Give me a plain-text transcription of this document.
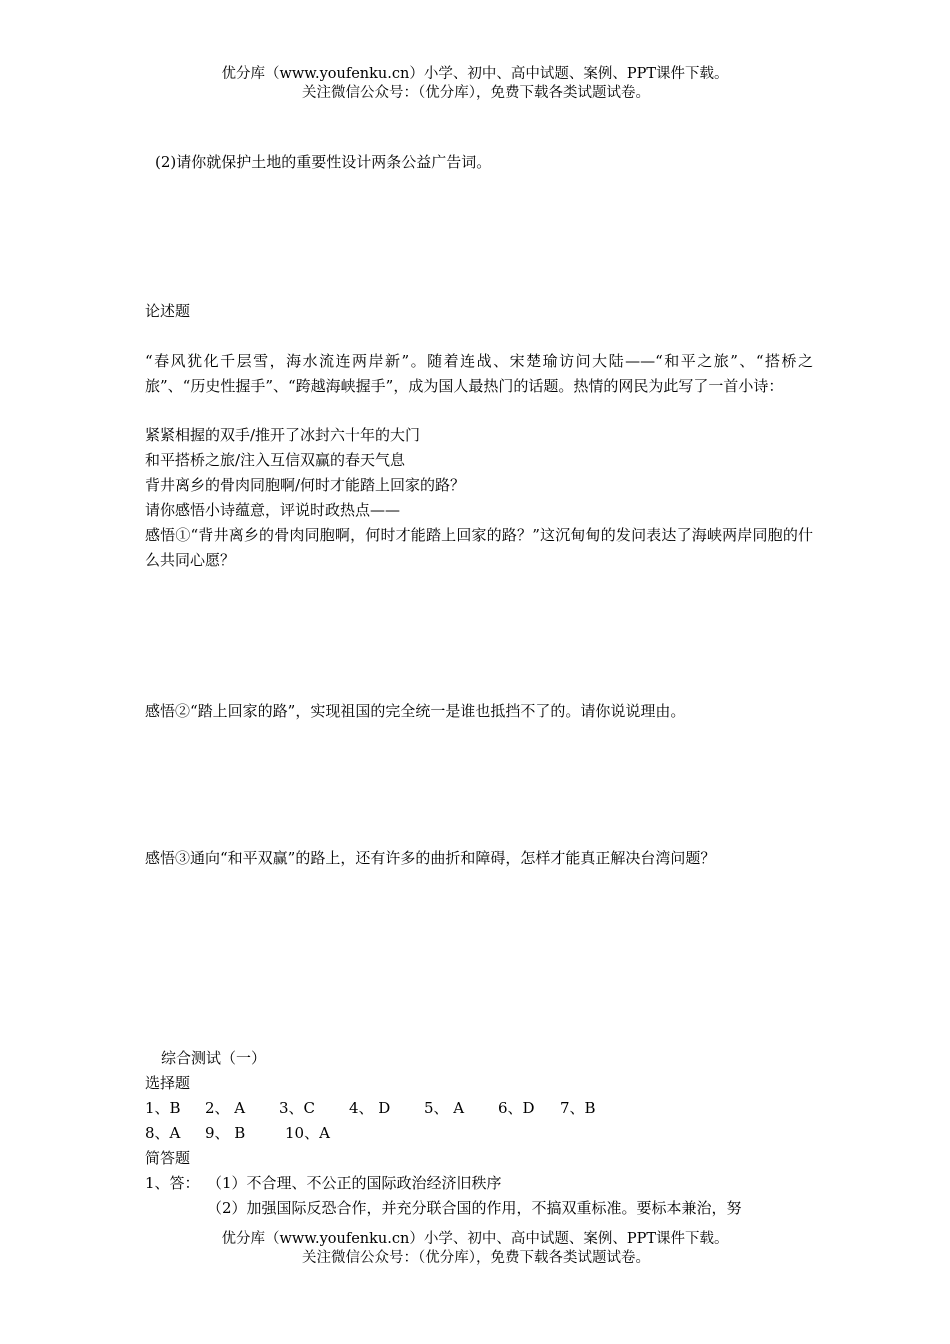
优分库（www.youfenku.cn）小学、初中、高中试题、案例、PPT课件下载。
关注微信公众号：（优分库），免费下载各类试题试卷。
(2)请你就保护土地的重要性设计两条公益广告词。
论述题
“春风犹化千层雪，海水流连两岸新”。随着连战、宋楚瑜访问大陆——“和平之旅”、“搭桥之旅”、“历史性握手”、“跨越海峡握手”，成为国人最热门的话题。热情的网民为此写了一首小诗：
紧紧相握的双手/推开了冰封六十年的大门
和平搭桥之旅/注入互信双赢的春天气息
背井离乡的骨肉同胞啊/何时才能踏上回家的路？
请你感悟小诗蕴意，评说时政热点——
感悟①“背井离乡的骨肉同胞啊，何时才能踏上回家的路？”这沉甸甸的发问表达了海峡两岸同胞的什么共同心愿？
感悟②“踏上回家的路”，实现祖国的完全统一是谁也抵挡不了的。请你说说理由。
感悟③通向“和平双赢”的路上，还有许多的曲折和障碍，怎样才能真正解决台湾问题？
综合测试（一）
选择题
1、B 2、 A 3、C 4、 D 5、 A 6、D 7、B
8、A 9、 B	10、A
简答题
1、答： （1）不合理、不公正的国际政治经济旧秩序
（2）加强国际反恐合作，并充分联合国的作用，不搞双重标准。要标本兼治，努
优分库（www.youfenku.cn）小学、初中、高中试题、案例、PPT课件下载。
关注微信公众号：（优分库），免费下载各类试题试卷。
